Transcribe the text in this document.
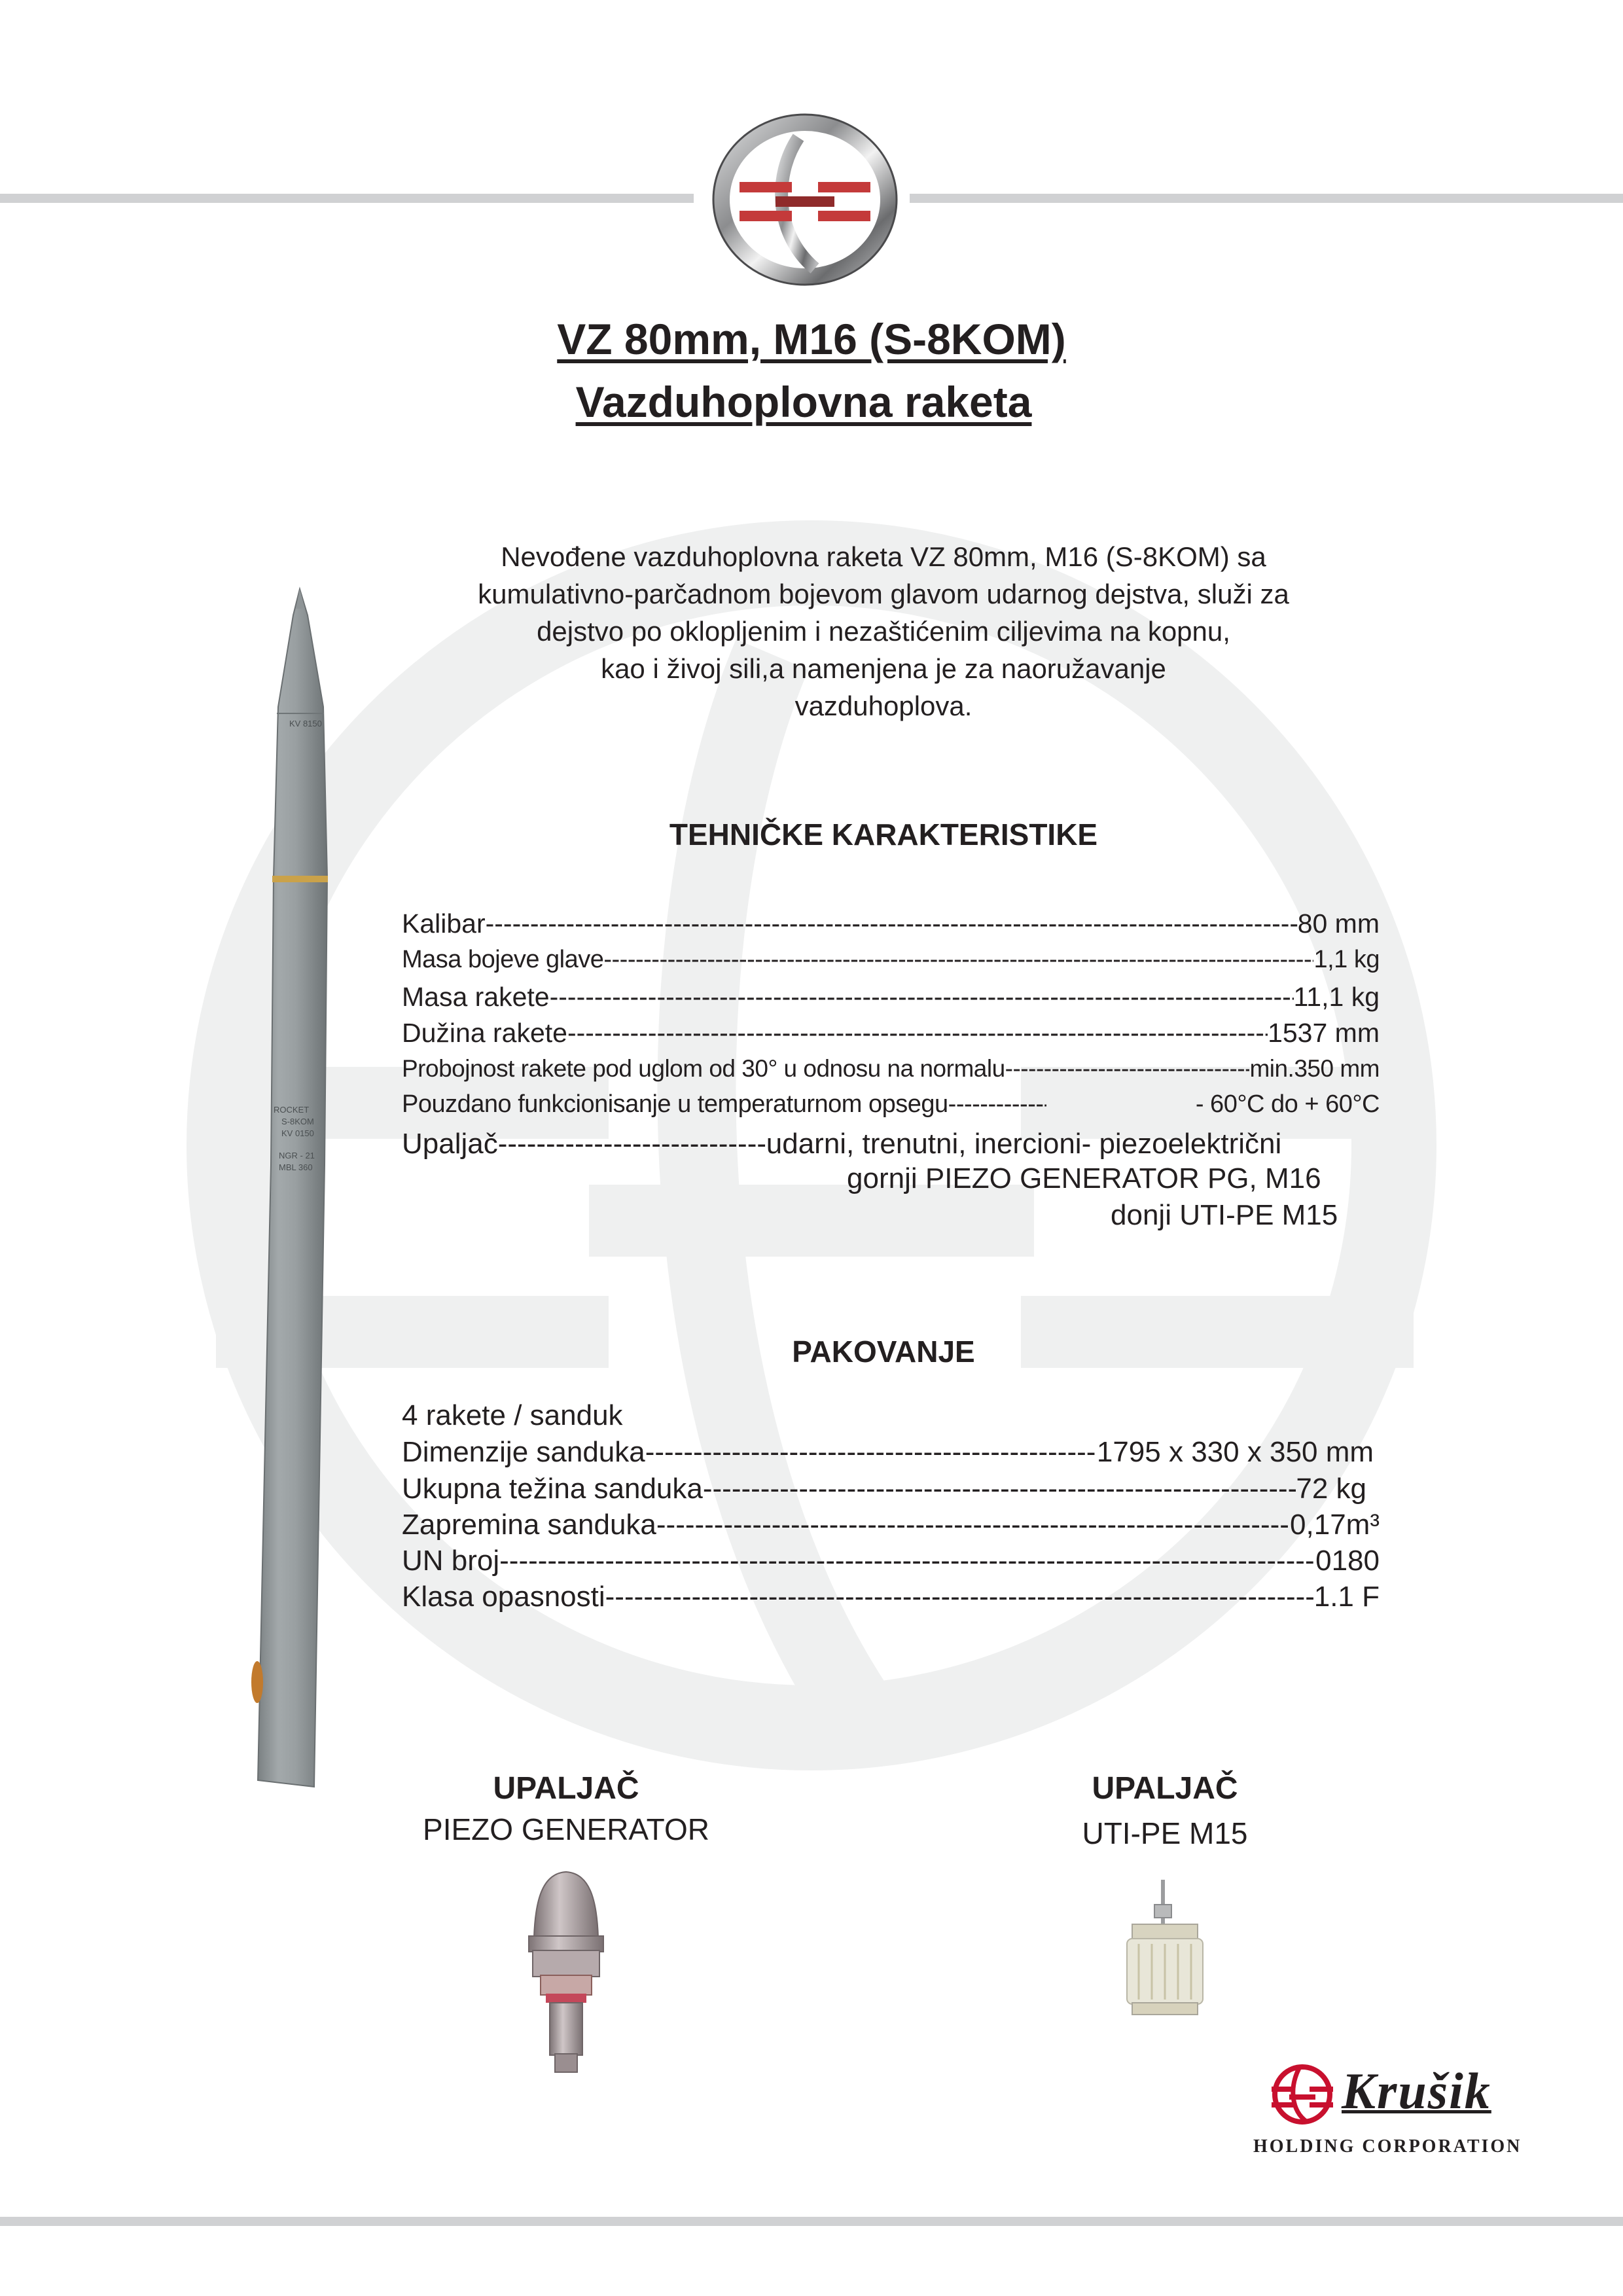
VZ 80mm, M16 (S-8KOM)
Vazduhoplovna raketa
KV 8150
ROCKET
S-8KOM
KV 0150
NGR - 21
MBL 360
Nevođene vazduhoplovna raketa VZ 80mm, M16 (S-8KOM) sa
kumulativno-parčadnom bojevom glavom udarnog dejstva, služi za
dejstvo po oklopljenim i nezaštićenim ciljevima na kopnu,
kao i živoj sili,a namenjena je za naoružavanje
vazduhoplova.
TEHNIČKE KARAKTERISTIKE
Kalibar -----	80 mm
Masa bojeve glave -----	1,1 kg
Masa rakete -----	11,1 kg
Dužina rakete -----	1537 mm
Probojnost rakete pod uglom od 30° u odnosu na normalu -----	min.350 mm
Pouzdano funkcionisanje u temperaturnom opsegu -----	- 60°C do + 60°C
Upaljač -----	udarni, trenutni, inercioni- piezoelektrični
gornji PIEZO GENERATOR PG, M16
donji UTI-PE M15
PAKOVANJE
4 rakete / sanduk
Dimenzije sanduka -----	1795 x 330 x 350 mm
Ukupna težina sanduka -----	72 kg
Zapremina sanduka -----	0,17m³
UN broj -----	0180
Klasa opasnosti -----	1.1 F
UPALJAČ
PIEZO GENERATOR
UPALJAČ
UTI-PE M15
Krušik
HOLDING CORPORATION
